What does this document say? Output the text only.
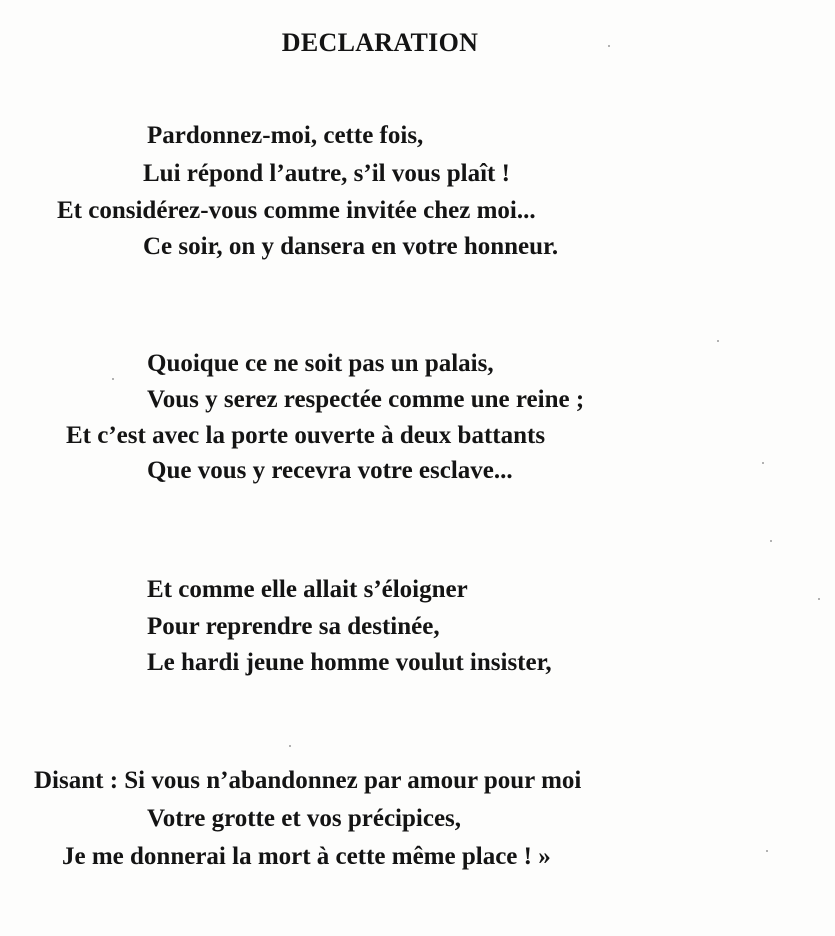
DECLARATION
Pardonnez-moi, cette fois,
Lui répond l’autre, s’il vous plaît !
Et considérez-vous comme invitée chez moi...
Ce soir, on y dansera en votre honneur.
Quoique ce ne soit pas un palais,
Vous y serez respectée comme une reine ;
Et c’est avec la porte ouverte à deux battants
Que vous y recevra votre esclave...
Et comme elle allait s’éloigner
Pour reprendre sa destinée,
Le hardi jeune homme voulut insister,
Disant : Si vous n’abandonnez par amour pour moi
Votre grotte et vos précipices,
Je me donnerai la mort à cette même place ! »
